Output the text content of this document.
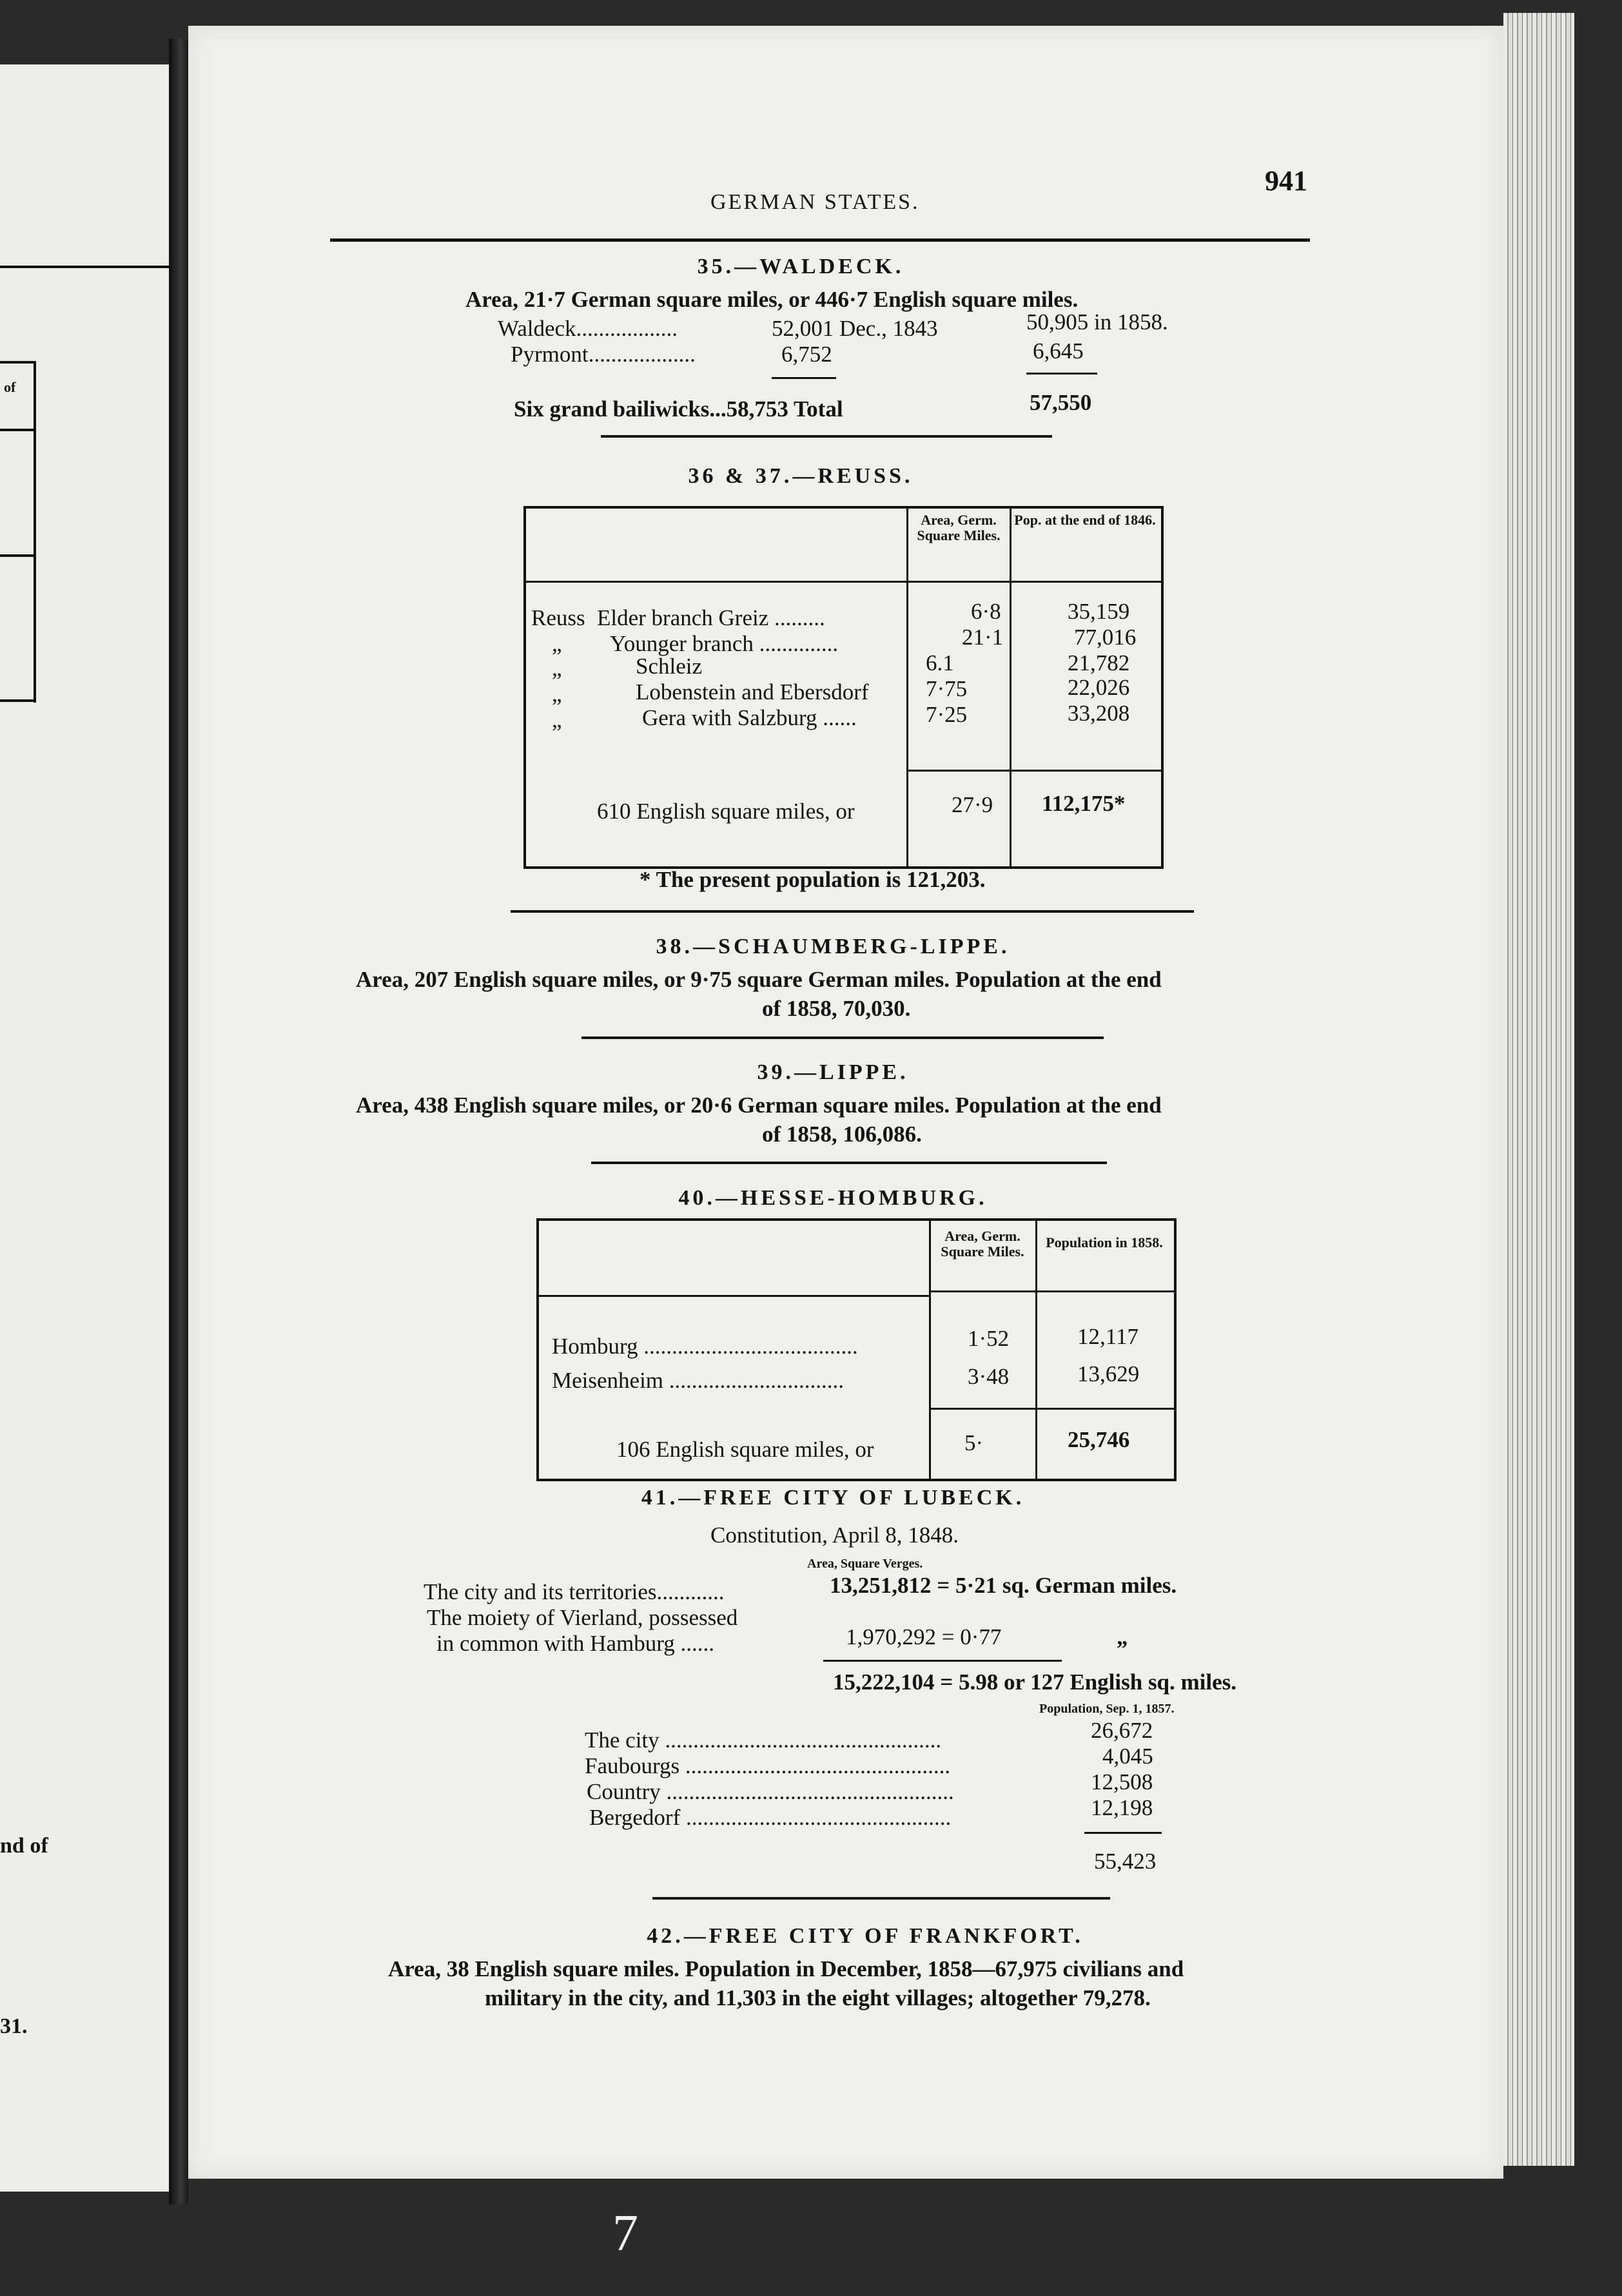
of
nd of
31.
GERMAN STATES.
941
35.—WALDECK.
Area, 21·7 German square miles, or 446·7 English square miles.
Waldeck..................	52,001 Dec., 1843	50,905 in 1858.
Pyrmont...................	6,752	6,645
Six grand bailiwicks...58,753 Total	57,550
36 & 37.—REUSS.
Area, Germ. Square Miles.
Pop. at the end of 1846.
Reuss Elder branch Greiz .........	6·8	35,159
„ Younger branch ..............	21·1	77,016
„	Schleiz	6.1	21,782
„	Lobenstein and Ebersdorf	7·75	22,026
„	Gera with Salzburg ......	7·25	33,208
610 English square miles, or	27·9 112,175*
* The present population is 121,203.
38.—SCHAUMBERG-LIPPE.
Area, 207 English square miles, or 9·75 square German miles. Population at the end
of 1858, 70,030.
39.—LIPPE.
Area, 438 English square miles, or 20·6 German square miles. Population at the end
of 1858, 106,086.
40.—HESSE-HOMBURG.
Area, Germ. Square Miles.
Population in 1858.
Homburg ......................................	1·52	12,117
Meisenheim ...............................	3·48	13,629
106 English square miles, or	5·	25,746
41.—FREE CITY OF LUBECK.
Constitution, April 8, 1848.
Area, Square Verges.
The city and its territories............	13,251,812 = 5·21 sq. German miles.
The moiety of Vierland, possessed
in common with Hamburg ......	1,970,292 = 0·77	„
15,222,104 = 5.98 or 127 English sq. miles.
Population, Sep. 1, 1857.
The city .................................................	26,672
Faubourgs ...............................................	4,045
Country ...................................................	12,508
Bergedorf ...............................................	12,198
55,423
42.—FREE CITY OF FRANKFORT.
Area, 38 English square miles. Population in December, 1858—67,975 civilians and
military in the city, and 11,303 in the eight villages; altogether 79,278.
7
